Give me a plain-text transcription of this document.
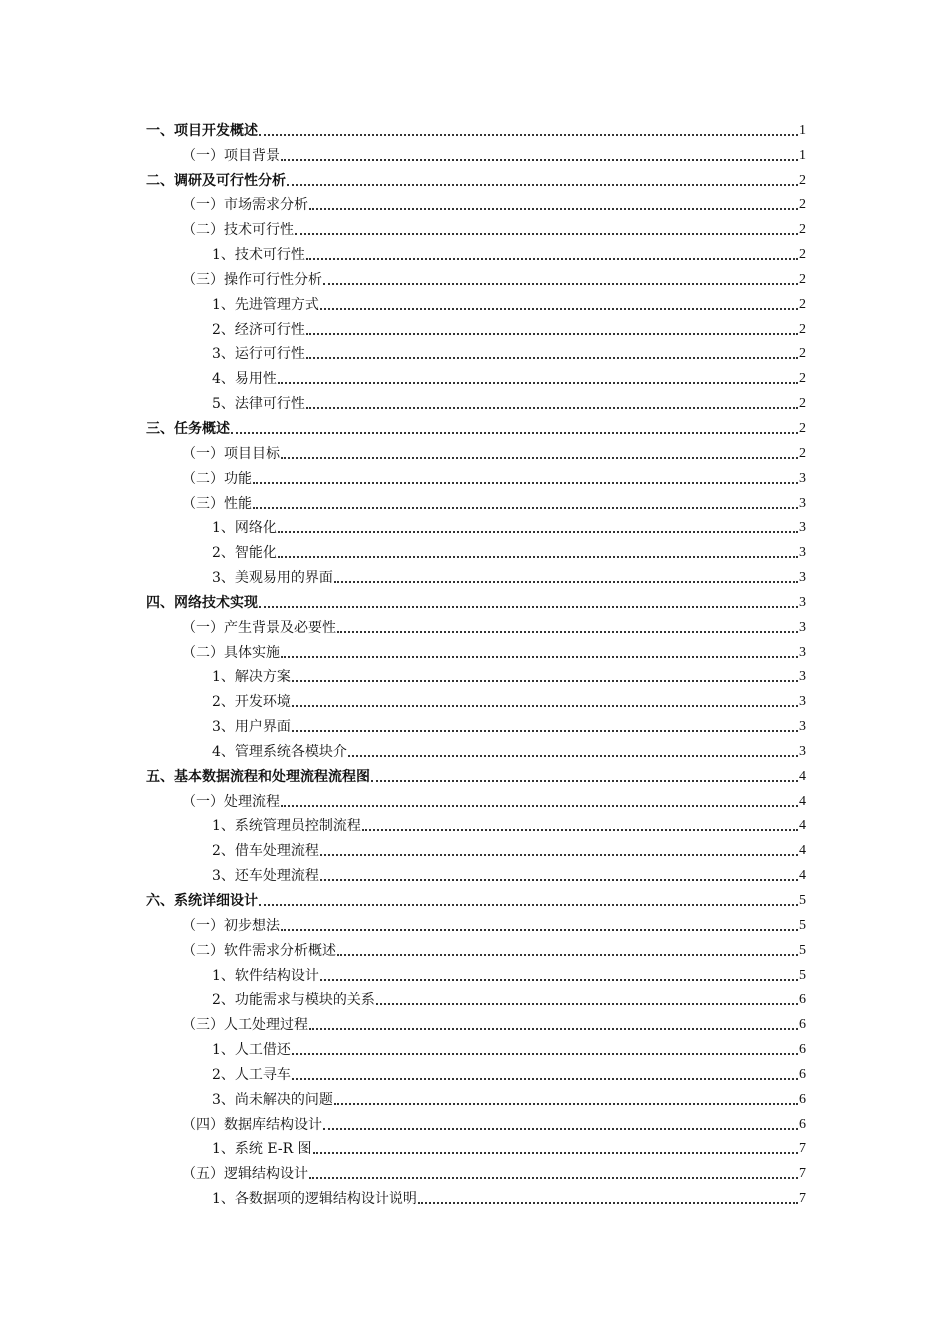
一、项目开发概述	1
（一）项目背景	1
二、调研及可行性分析	2
（一）市场需求分析	2
（二）技术可行性	2
1、技术可行性	2
（三）操作可行性分析	2
1、先进管理方式	2
2、经济可行性	2
3、运行可行性	2
4、易用性	2
5、法律可行性	2
三、任务概述	2
（一）项目目标	2
（二）功能	3
（三）性能	3
1、网络化	3
2、智能化	3
3、美观易用的界面	3
四、网络技术实现	3
（一）产生背景及必要性	3
（二）具体实施	3
1、解决方案	3
2、开发环境	3
3、用户界面	3
4、管理系统各模块介	3
五、基本数据流程和处理流程流程图	4
（一）处理流程	4
1、系统管理员控制流程	4
2、借车处理流程	4
3、还车处理流程	4
六、系统详细设计	5
（一）初步想法	5
（二）软件需求分析概述	5
1、软件结构设计	5
2、功能需求与模块的关系	6
（三）人工处理过程	6
1、人工借还	6
2、人工寻车	6
3、尚未解决的问题	6
（四）数据库结构设计	6
1、系统 E-R 图	7
（五）逻辑结构设计	7
1、各数据项的逻辑结构设计说明	7
